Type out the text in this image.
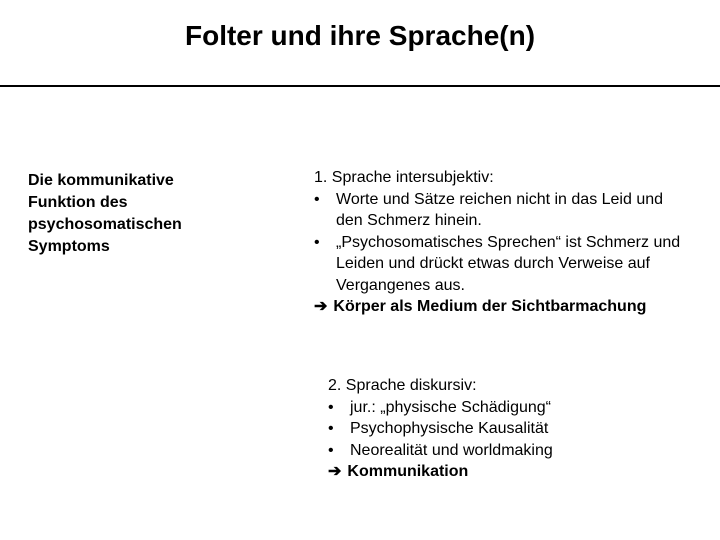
Folter und ihre Sprache(n)
Die kommunikative
Funktion des
psychosomatischen
Symptoms
1. Sprache intersubjektiv:
•	Worte und Sätze reichen nicht in das Leid und
den Schmerz hinein.
•	„Psychosomatisches Sprechen“ ist Schmerz und
Leiden und drückt etwas durch Verweise auf
Vergangenes aus.
➔ Körper als Medium der Sichtbarmachung
2. Sprache diskursiv:
•	jur.: „physische Schädigung“
•	Psychophysische Kausalität
•	Neorealität und worldmaking
➔ Kommunikation
